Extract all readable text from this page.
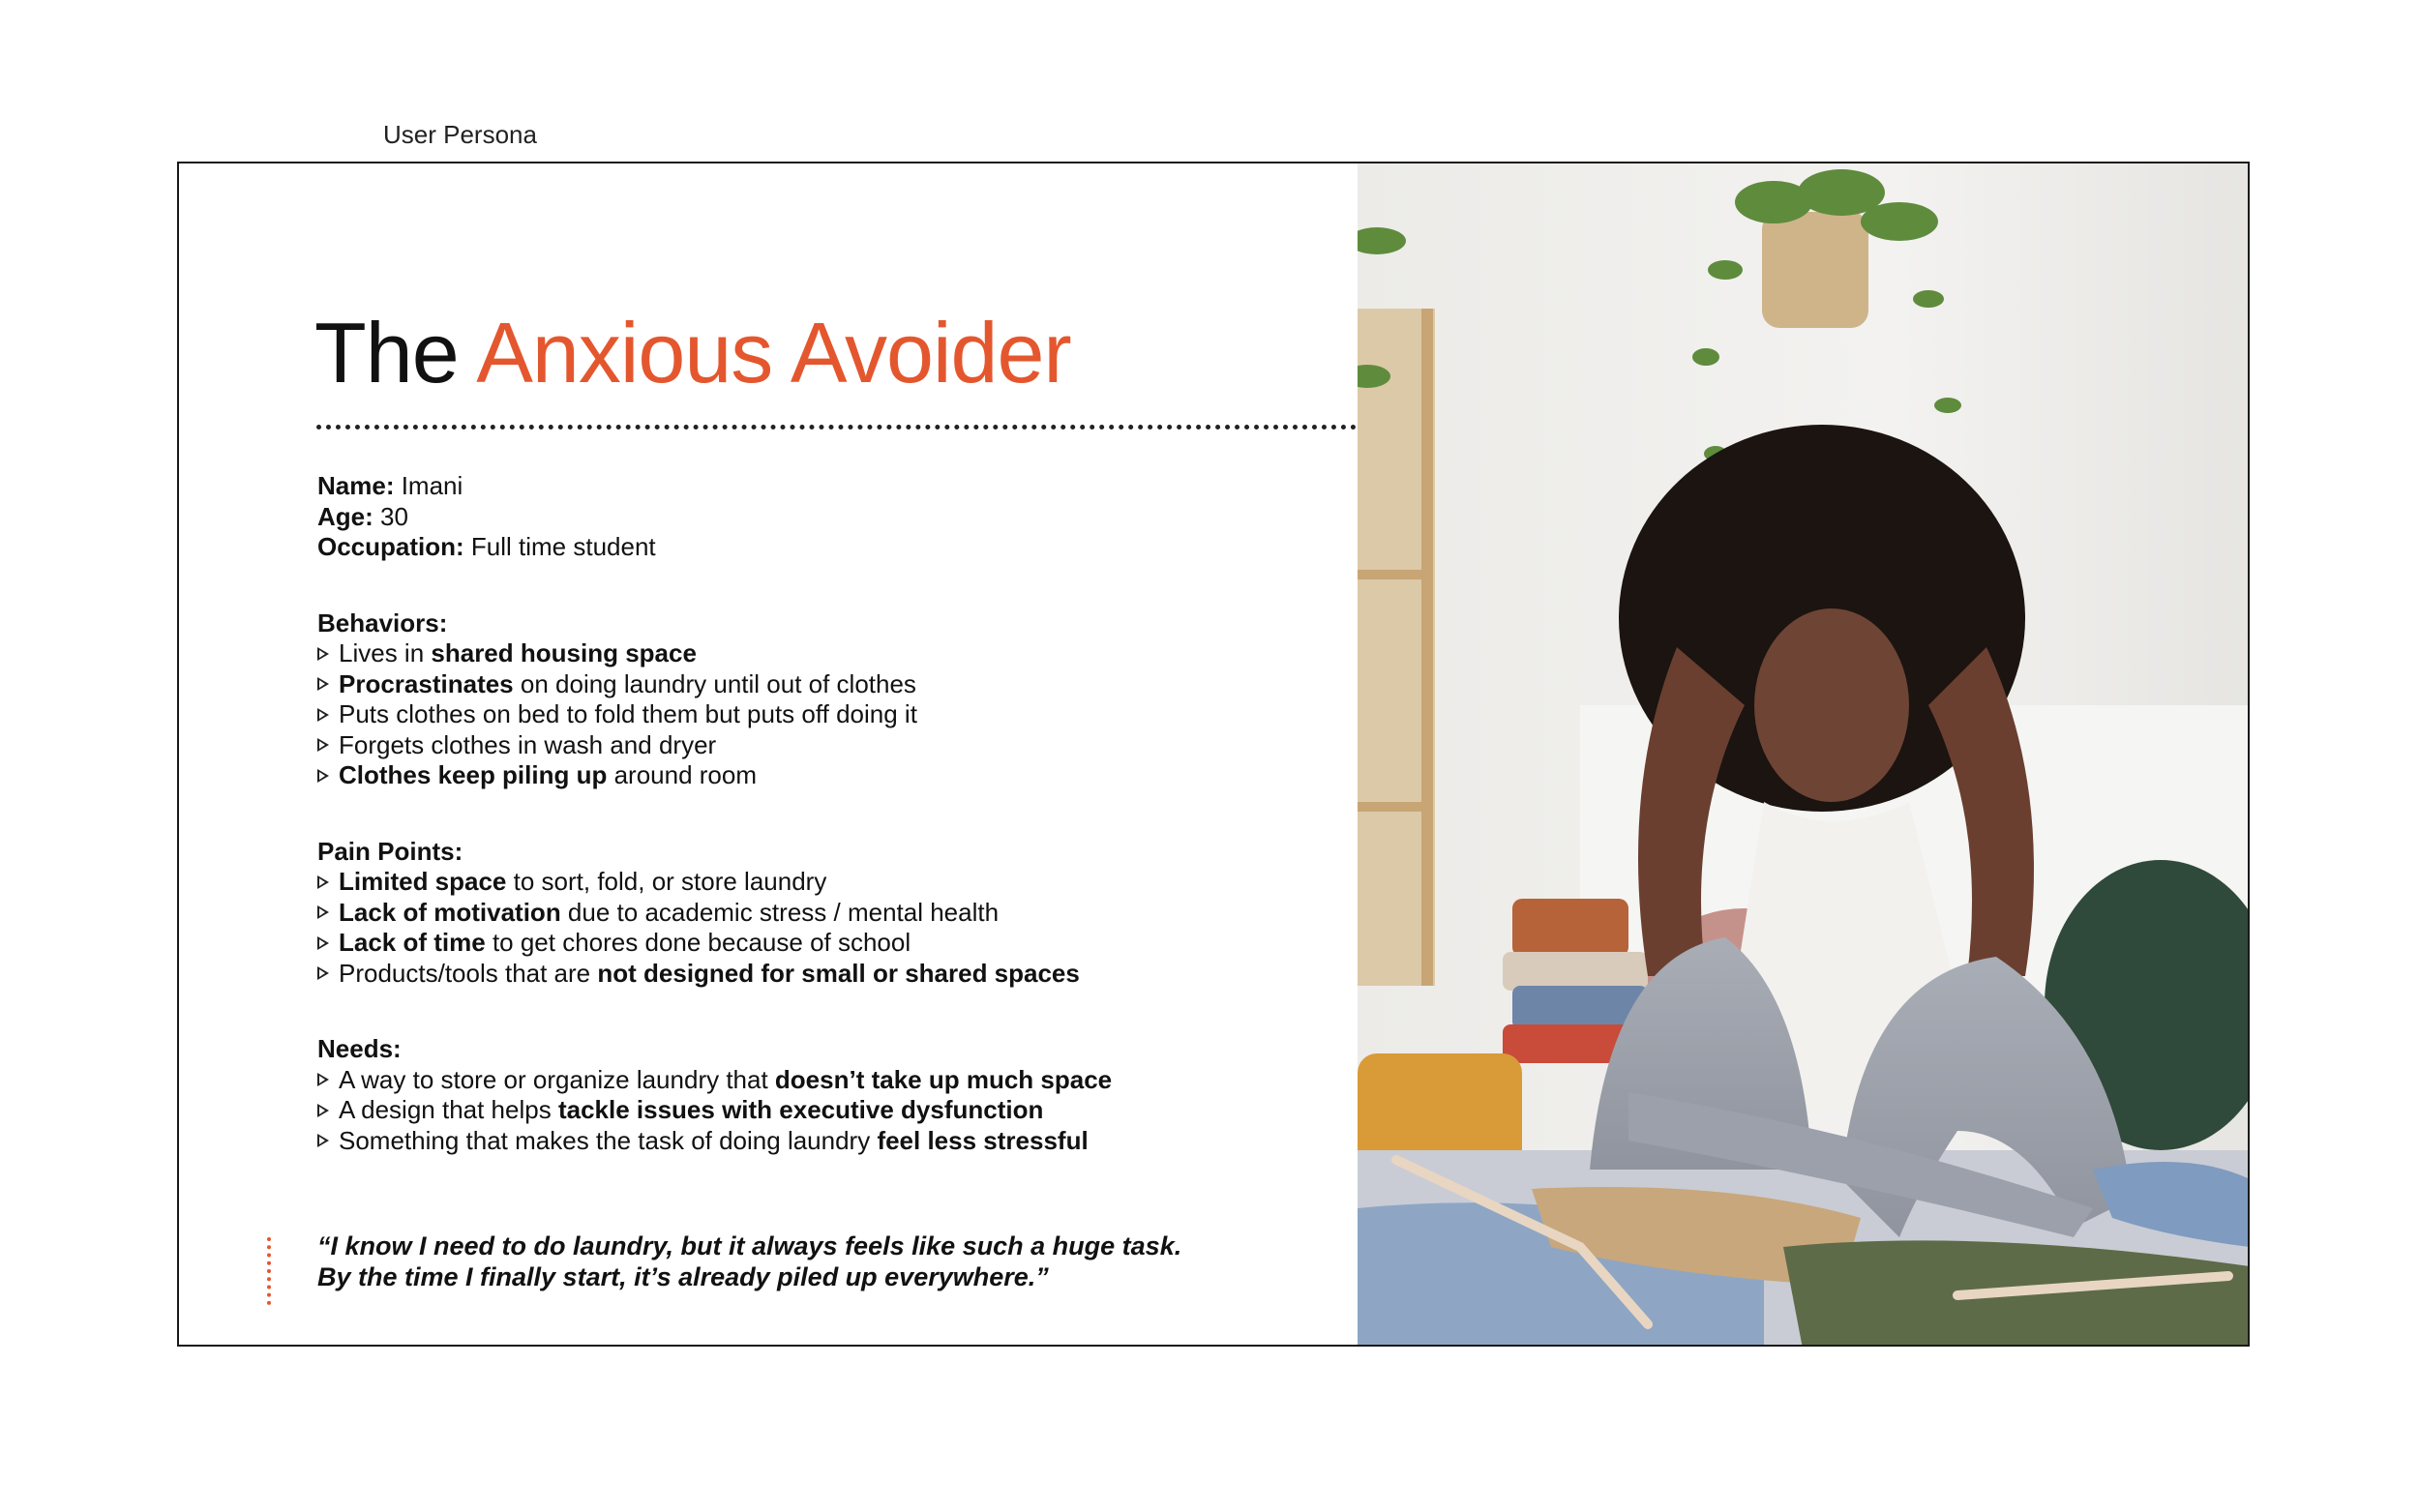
User Persona
The Anxious Avoider
Name: Imani
Age: 30
Occupation: Full time student
Behaviors:
Lives in shared housing space
Procrastinates on doing laundry until out of clothes
Puts clothes on bed to fold them but puts off doing it
Forgets clothes in wash and dryer
Clothes keep piling up around room
Pain Points:
Limited space to sort, fold, or store laundry
Lack of motivation due to academic stress / mental health
Lack of time to get chores done because of school
Products/tools that are not designed for small or shared spaces
Needs:
A way to store or organize laundry that doesn’t take up much space
A design that helps tackle issues with executive dysfunction
Something that makes the task of doing laundry feel less stressful
“I know I need to do laundry, but it always feels like such a huge task.
By the time I finally start, it’s already piled up everywhere.”
